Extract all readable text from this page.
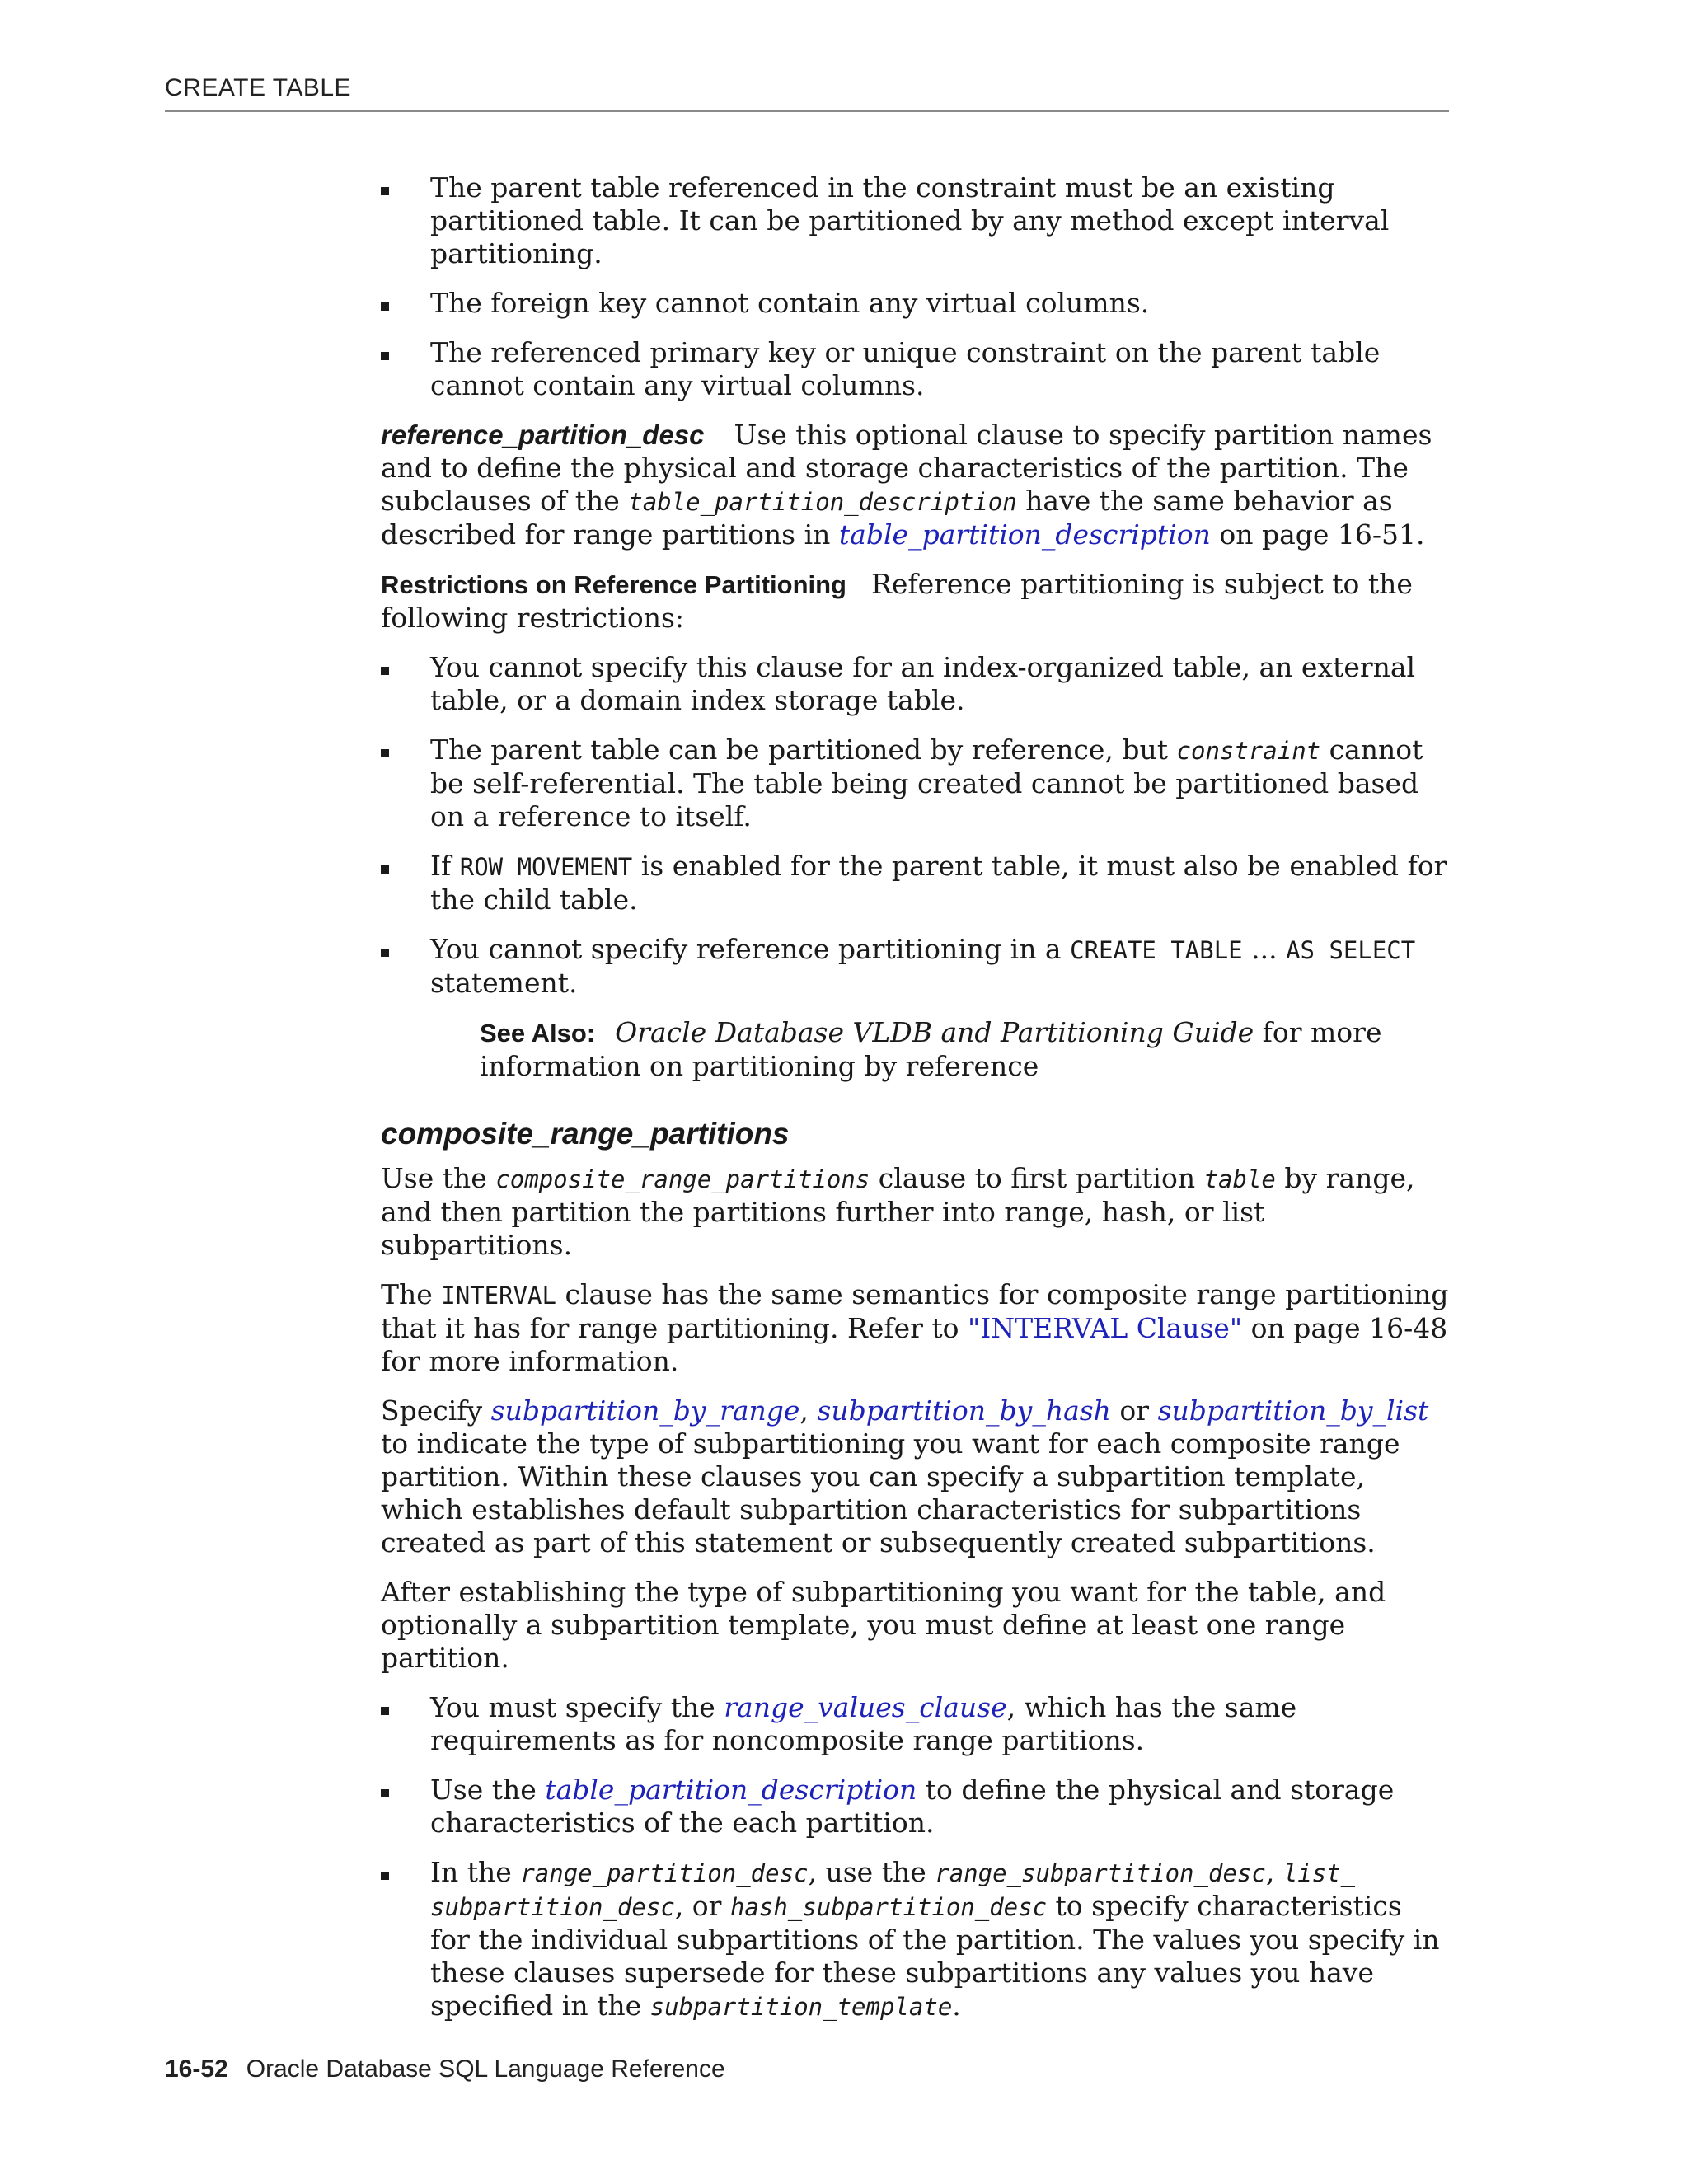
CREATE TABLE
The parent table referenced in the constraint must be an existing partitioned table. It can be partitioned by any method except interval partitioning.
The foreign key cannot contain any virtual columns.
The referenced primary key or unique constraint on the parent table cannot contain any virtual columns.

reference_partition_desc Use this optional clause to specify partition names and to define the physical and storage characteristics of the partition. The subclauses of the table_partition_description have the same behavior as described for range partitions in table_partition_description on page 16-51.

Restrictions on Reference Partitioning Reference partitioning is subject to the following restrictions:

You cannot specify this clause for an index-organized table, an external table, or a domain index storage table.
The parent table can be partitioned by reference, but constraint cannot be self-referential. The table being created cannot be partitioned based on a reference to itself.
If ROW MOVEMENT is enabled for the parent table, it must also be enabled for the child table.
You cannot specify reference partitioning in a CREATE TABLE ... AS SELECT statement.

See Also: Oracle Database VLDB and Partitioning Guide for more information on partitioning by reference

composite_range_partitions

Use the composite_range_partitions clause to first partition table by range, and then partition the partitions further into range, hash, or list subpartitions.

The INTERVAL clause has the same semantics for composite range partitioning that it has for range partitioning. Refer to "INTERVAL Clause" on page 16-48 for more information.

Specify subpartition_by_range, subpartition_by_hash or subpartition_by_list to indicate the type of subpartitioning you want for each composite range partition. Within these clauses you can specify a subpartition template, which establishes default subpartition characteristics for subpartitions created as part of this statement or subsequently created subpartitions.

After establishing the type of subpartitioning you want for the table, and optionally a subpartition template, you must define at least one range partition.

You must specify the range_values_clause, which has the same requirements as for noncomposite range partitions.
Use the table_partition_description to define the physical and storage characteristics of the each partition.
In the range_partition_desc, use the range_subpartition_desc, list_ subpartition_desc, or hash_subpartition_desc to specify characteristics for the individual subpartitions of the partition. The values you specify in these clauses supersede for these subpartitions any values you have specified in the subpartition_template.
16-52 Oracle Database SQL Language Reference
